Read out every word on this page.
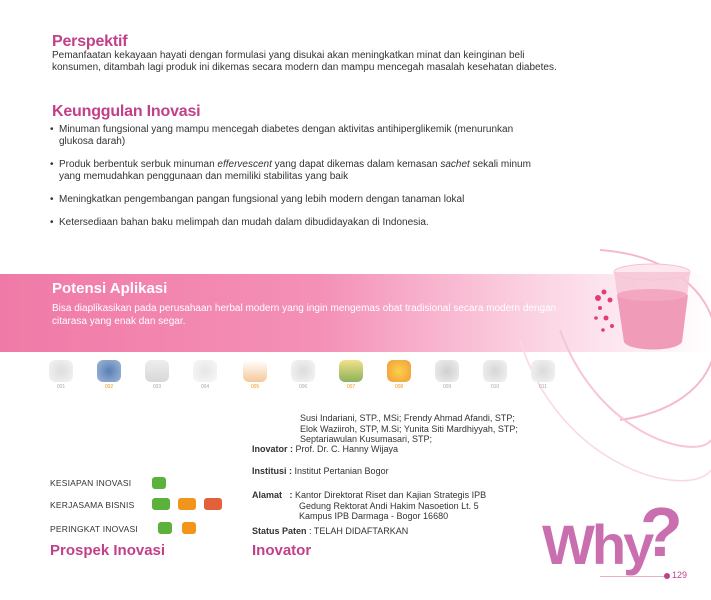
Perspektif
Pemanfaatan kekayaan hayati dengan formulasi yang disukai akan meningkatkan minat dan keinginan beli konsumen, ditambah lagi produk ini dikemas secara modern dan mampu mencegah masalah kesehatan diabetes.
Keunggulan Inovasi
• Minuman fungsional yang mampu mencegah diabetes dengan aktivitas antihiperglikemik (menurunkan glukosa darah)
• Produk berbentuk serbuk minuman effervescent yang dapat dikemas dalam kemasan sachet sekali minum yang memudahkan penggunaan dan memiliki stabilitas yang baik
• Meningkatkan pengembangan pangan fungsional yang lebih modern dengan tanaman lokal
• Ketersediaan bahan baku melimpah dan mudah dalam dibudidayakan di Indonesia.
Potensi Aplikasi
Bisa diaplikasikan pada perusahaan herbal modern yang ingin mengemas obat tradisional secara modern dengan citarasa yang enak dan segar.
001	002	003	004	005	006	007	008	009	010	011
KESIAPAN INOVASI
KERJASAMA BISNIS
PERINGKAT INOVASI
Prospek Inovasi
Susi Indariani, STP., MSi; Frendy Ahmad Afandi, STP;
Elok Waziiroh, STP, M.Si; Yunita Siti Mardhiyyah, STP;
Septariawulan Kusumasari, STP;
Inovator : Prof. Dr. C. Hanny Wijaya
Institusi : Institut Pertanian Bogor
Alamat   : Kantor Direktorat Riset dan Kajian Strategis IPB
Gedung Rektorat Andi Hakim Nasoetion Lt. 5
Kampus IPB Darmaga - Bogor 16680
Status Paten : TELAH DIDAFTARKAN
Inovator	Why
?
129
